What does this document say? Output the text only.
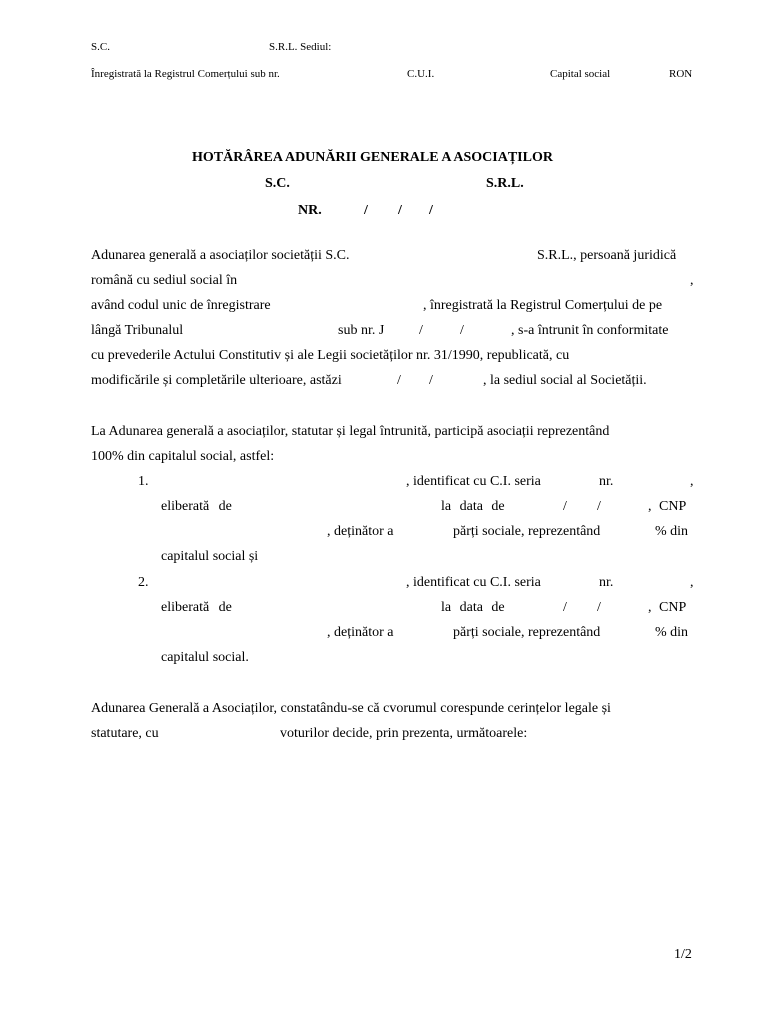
S.C.	S.R.L. Sediul:
Înregistrată la Registrul Comerțului sub nr.	C.U.I.	Capital social	RON
HOTĂRÂREA ADUNĂRII GENERALE A ASOCIAȚILOR
S.C.	S.R.L.
NR.	/ / /
Adunarea generală a asociaților societății S.C.	S.R.L., persoană juridică
română cu sediul social în	,
având codul unic de înregistrare	, înregistrată la Registrul Comerțului de pe
lângă Tribunalul	sub nr. J /	/	, s-a întrunit în conformitate
cu prevederile Actului Constitutiv și ale Legii societăților nr. 31/1990, republicată, cu
modificările și completările ulterioare, astăzi	/ /	, la sediul social al Societății.
La Adunarea generală a asociaților, statutar și legal întrunită, participă asociații reprezentând
100% din capitalul social, astfel:
1.	, identificat cu C.I. seria	nr.	,
eliberată de	la data de	/ /	, CNP
, deținător a	părți sociale, reprezentând	% din
capitalul social și
2.	, identificat cu C.I. seria	nr.	,
eliberată de	la data de	/ /	, CNP
, deținător a	părți sociale, reprezentând	% din
capitalul social.
Adunarea Generală a Asociaților, constatându-se că cvorumul corespunde cerințelor legale și
statutare, cu	voturilor decide, prin prezenta, următoarele:
1/2
